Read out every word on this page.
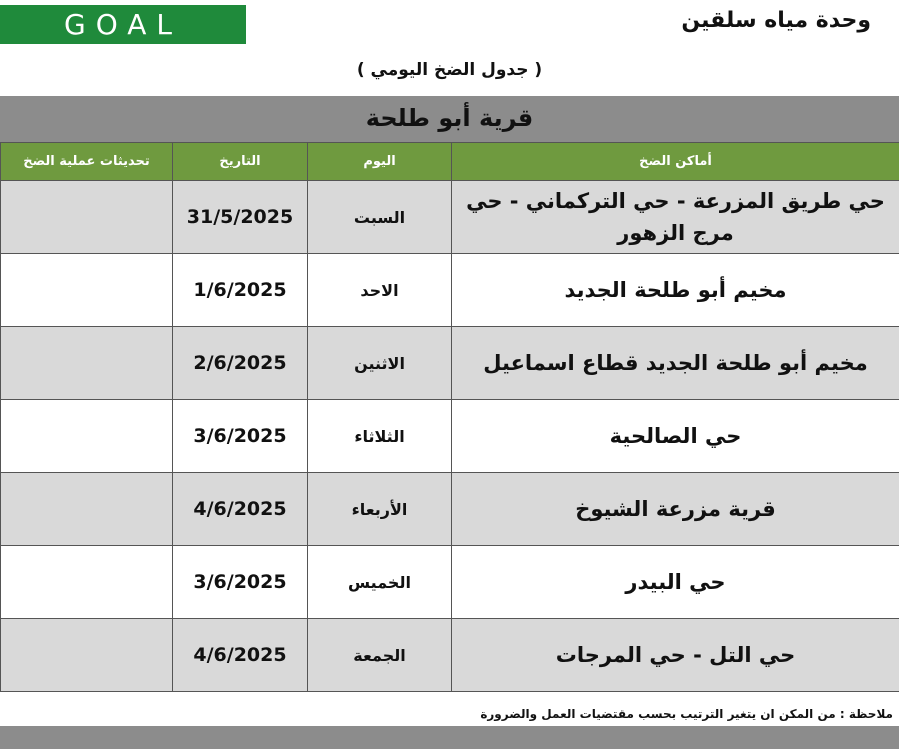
GOAL	وحدة مياه سلقين
( جدول الضخ اليومي )
قرية أبو طلحة
تحديثات عملية الضخ	التاريخ	اليوم	أماكن الضخ
	31/5/2025	السبت	حي طريق المزرعة - حي التركماني - حي مرج الزهور
	1/6/2025	الاحد	مخيم أبو طلحة الجديد
	2/6/2025	الاثنين	مخيم أبو طلحة الجديد قطاع اسماعيل
	3/6/2025	الثلاثاء	حي الصالحية
	4/6/2025	الأربعاء	قرية مزرعة الشيوخ
	3/6/2025	الخميس	حي البيدر
	4/6/2025	الجمعة	حي التل - حي المرجات
ملاحظة : من المكن ان يتغير الترتيب بحسب مقتضيات العمل والضرورة
